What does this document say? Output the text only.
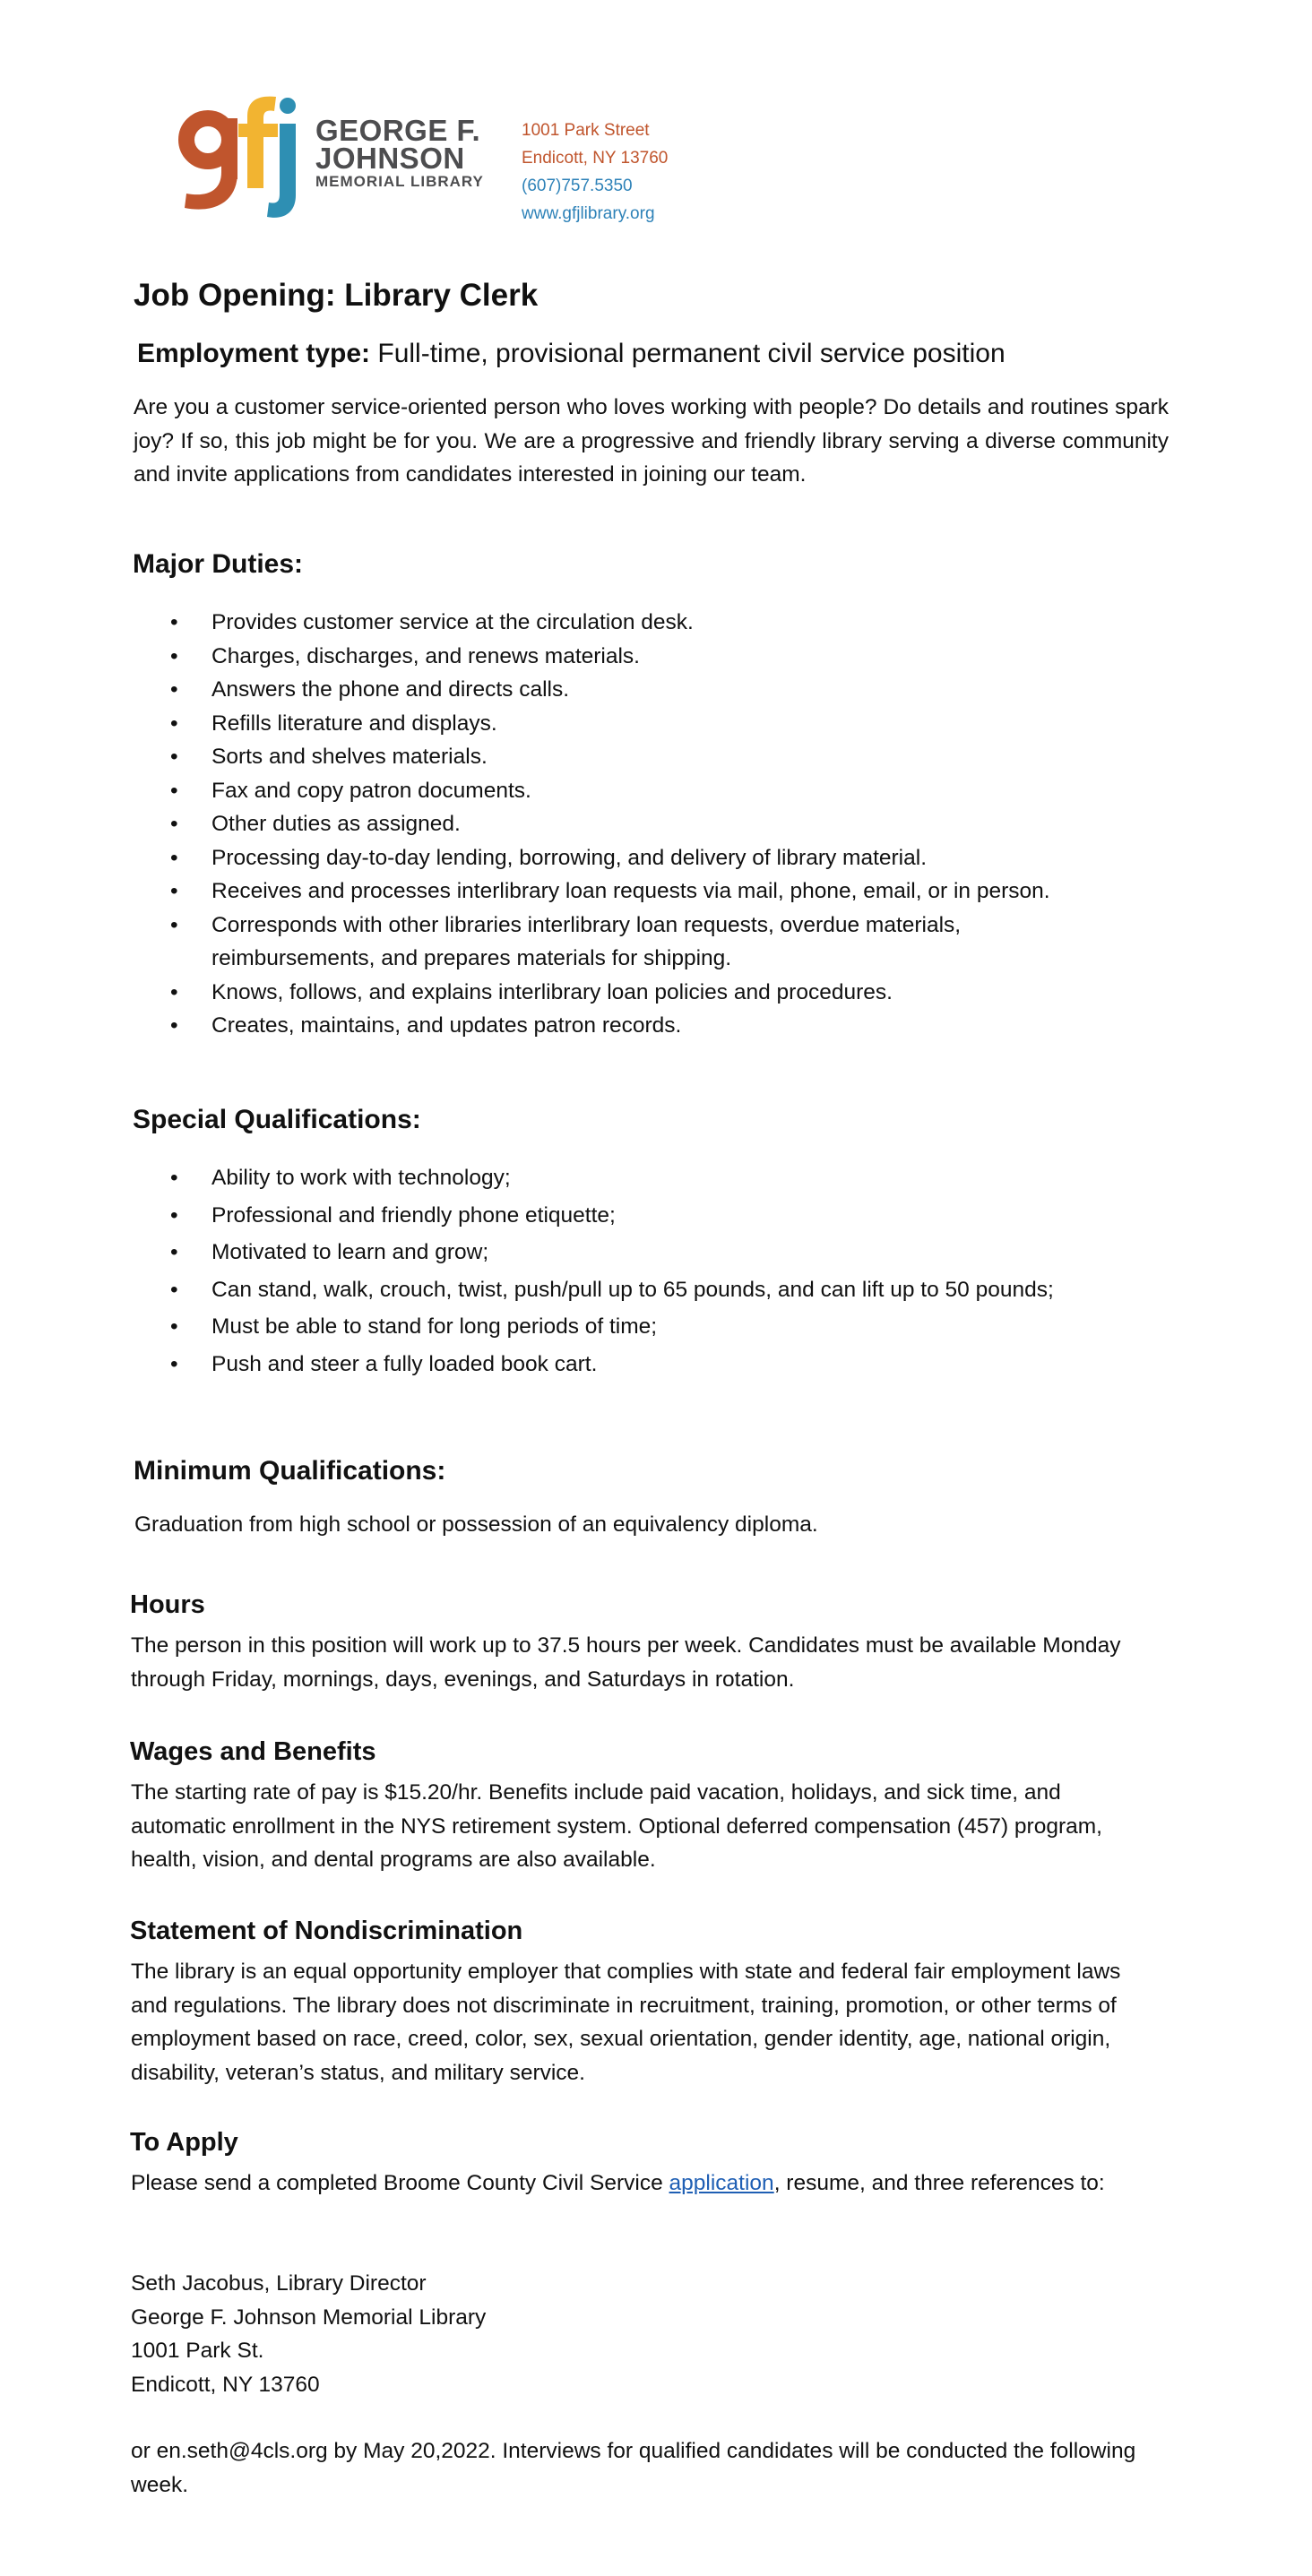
GEORGE F.
JOHNSON
MEMORIAL LIBRARY
1001 Park Street
Endicott, NY 13760
(607)757.5350
www.gfjlibrary.org
Job Opening: Library Clerk
Employment type: Full-time, provisional permanent civil service position
Are you a customer service-oriented person who loves working with people? Do details and routines spark joy? If so, this job might be for you. We are a progressive and friendly library serving a diverse community and invite applications from candidates interested in joining our team.
Major Duties:
• Provides customer service at the circulation desk.
• Charges, discharges, and renews materials.
• Answers the phone and directs calls.
• Refills literature and displays.
• Sorts and shelves materials.
• Fax and copy patron documents.
• Other duties as assigned.
• Processing day-to-day lending, borrowing, and delivery of library material.
• Receives and processes interlibrary loan requests via mail, phone, email, or in person.
• Corresponds with other libraries interlibrary loan requests, overdue materials, reimbursements, and prepares materials for shipping.
• Knows, follows, and explains interlibrary loan policies and procedures.
• Creates, maintains, and updates patron records.
Special Qualifications:
• Ability to work with technology;
• Professional and friendly phone etiquette;
• Motivated to learn and grow;
• Can stand, walk, crouch, twist, push/pull up to 65 pounds, and can lift up to 50 pounds;
• Must be able to stand for long periods of time;
• Push and steer a fully loaded book cart.
Minimum Qualifications:
Graduation from high school or possession of an equivalency diploma.
Hours
The person in this position will work up to 37.5 hours per week. Candidates must be available Monday through Friday, mornings, days, evenings, and Saturdays in rotation.
Wages and Benefits
The starting rate of pay is $15.20/hr. Benefits include paid vacation, holidays, and sick time, and automatic enrollment in the NYS retirement system. Optional deferred compensation (457) program, health, vision, and dental programs are also available.
Statement of Nondiscrimination
The library is an equal opportunity employer that complies with state and federal fair employment laws and regulations. The library does not discriminate in recruitment, training, promotion, or other terms of employment based on race, creed, color, sex, sexual orientation, gender identity, age, national origin, disability, veteran’s status, and military service.
To Apply
Please send a completed Broome County Civil Service application, resume, and three references to:
Seth Jacobus, Library Director
George F. Johnson Memorial Library
1001 Park St.
Endicott, NY 13760
or en.seth@4cls.org by May 20,2022. Interviews for qualified candidates will be conducted the following week.
